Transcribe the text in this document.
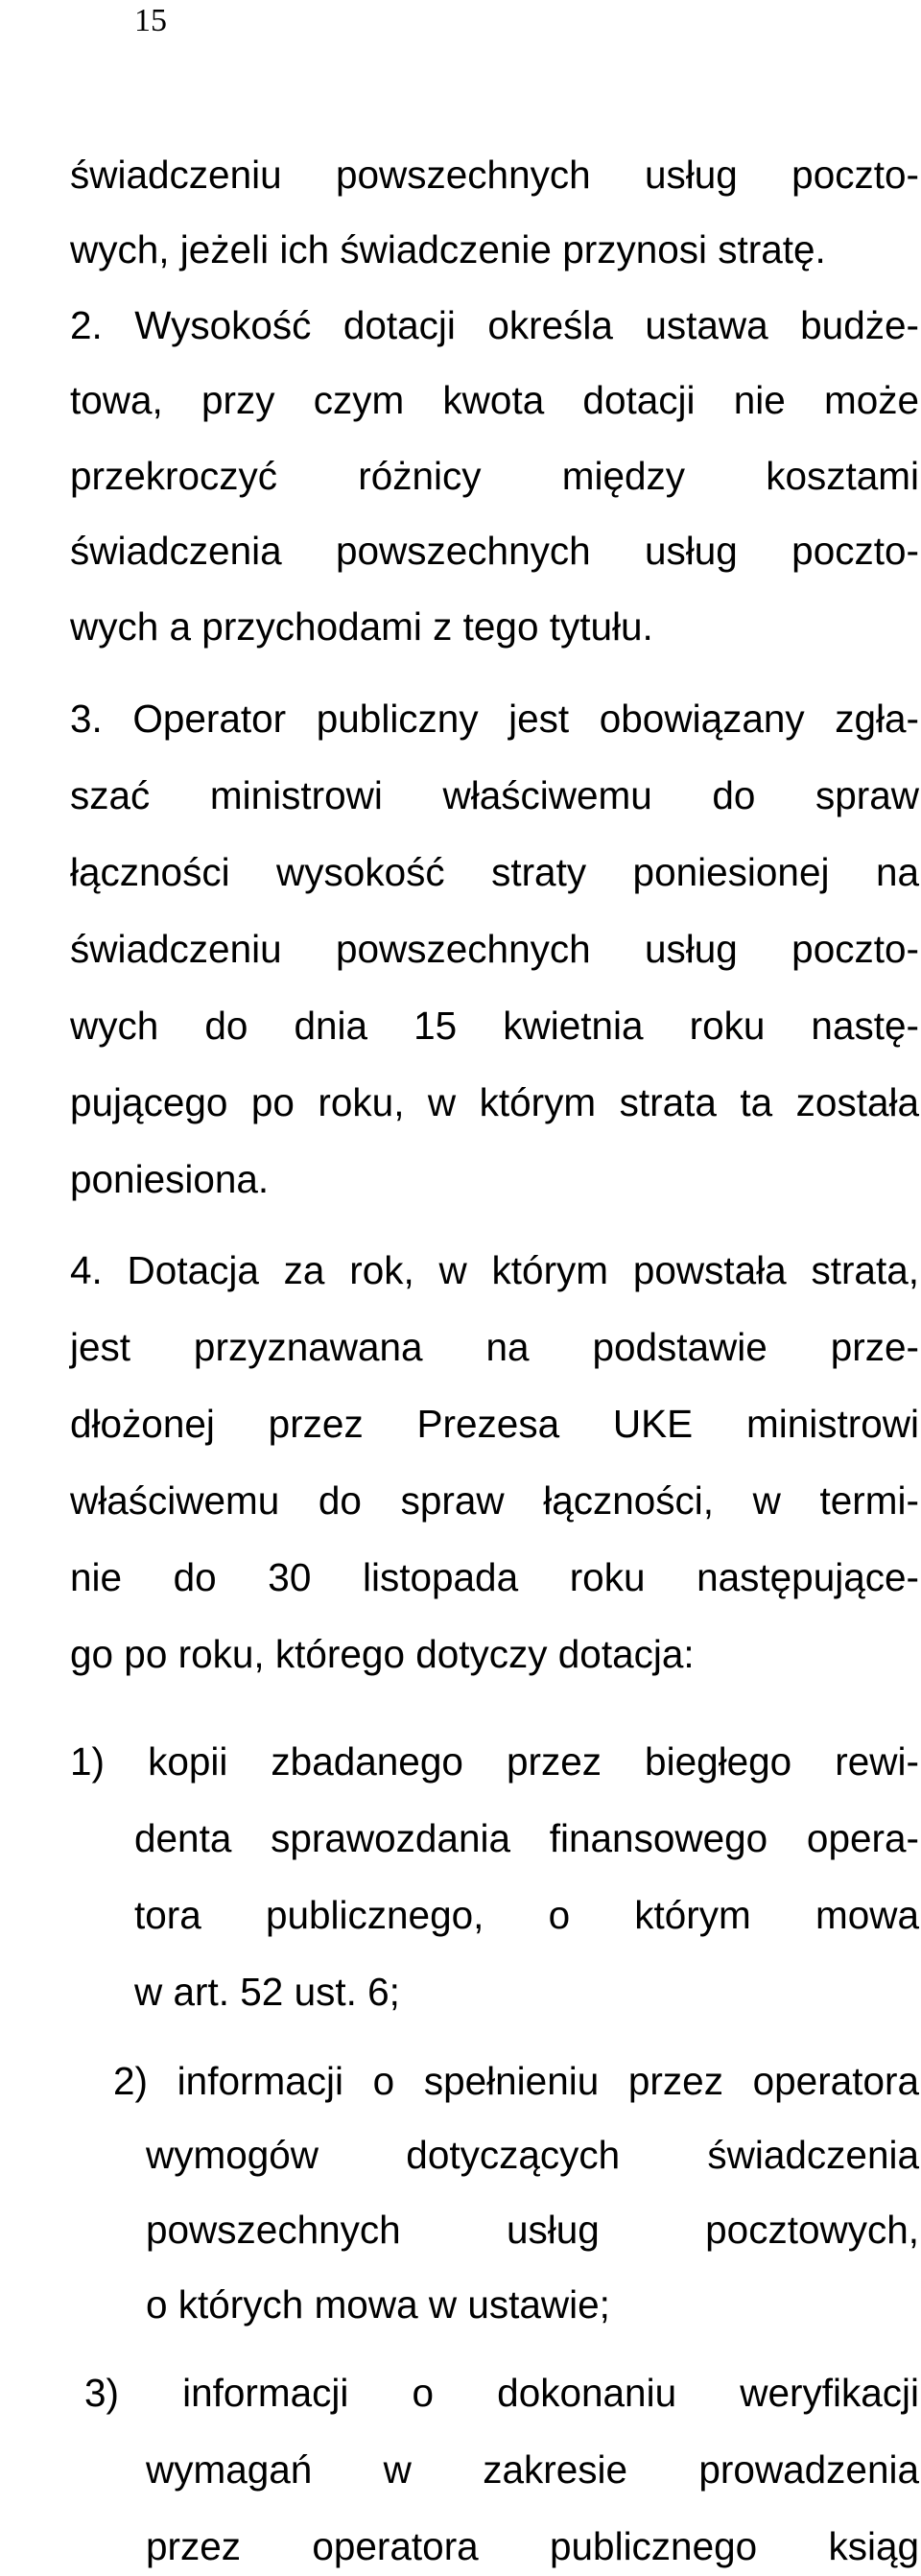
15
świadczeniu powszechnych usług poczto-
wych, jeżeli ich świadczenie przynosi stratę.
2. Wysokość dotacji określa ustawa budże-
towa, przy czym kwota dotacji nie może
przekroczyć różnicy między kosztami
świadczenia powszechnych usług poczto-
wych a przychodami z tego tytułu.
3. Operator publiczny jest obowiązany zgła-
szać ministrowi właściwemu do spraw
łączności wysokość straty poniesionej na
świadczeniu powszechnych usług poczto-
wych do dnia 15 kwietnia roku nastę-
pującego po roku, w którym strata ta została
poniesiona.
4. Dotacja za rok, w którym powstała strata,
jest przyznawana na podstawie prze-
dłożonej przez Prezesa UKE ministrowi
właściwemu do spraw łączności, w termi-
nie do 30 listopada roku następujące-
go po roku, którego dotyczy dotacja:
1) kopii zbadanego przez biegłego rewi-
denta sprawozdania finansowego opera-
tora publicznego, o którym mowa
w art. 52 ust. 6;
2) informacji o spełnieniu przez operatora
wymogów dotyczących świadczenia
powszechnych usług pocztowych,
o których mowa w ustawie;
3) informacji o dokonaniu weryfikacji
wymagań w zakresie prowadzenia
przez operatora publicznego ksiąg
